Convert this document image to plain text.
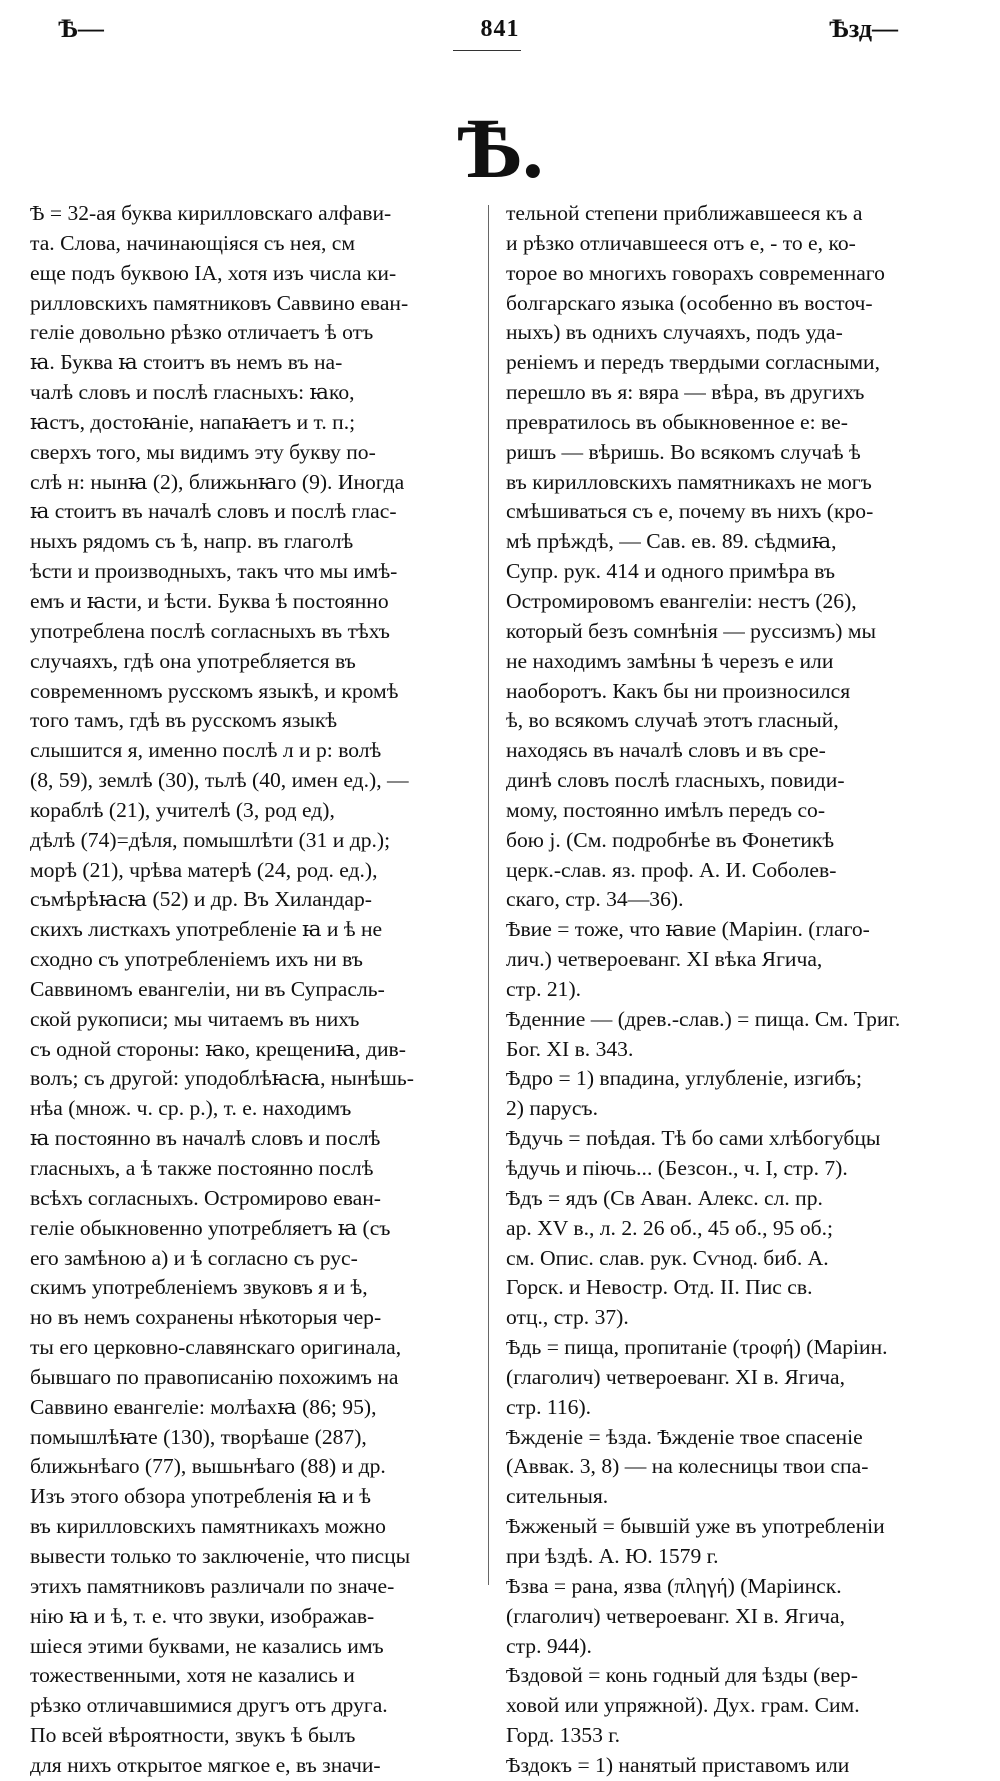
Ѣ—	841	Ѣзд—
Ѣ.
Ѣ = 32-ая буква кирилловскаго алфави-
та. Слова, начинающіяся съ нея, см
еще подъ буквою ІА, хотя изъ числа ки-
рилловскихъ памятниковъ Саввино еван-
геліе довольно рѣзко отличаетъ ѣ отъ
ꙗ. Буква ꙗ стоитъ въ немъ въ на-
чалѣ словъ и послѣ гласныхъ: ꙗко,
ꙗстъ, достоꙗніе, напаꙗетъ и т. п.;
сверхъ того, мы видимъ эту букву по-
слѣ н: нынꙗ (2), ближьнꙗго (9). Иногда
ꙗ стоитъ въ началѣ словъ и послѣ глас-
ныхъ рядомъ съ ѣ, напр. въ глаголѣ
ѣсти и производныхъ, такъ что мы имѣ-
емъ и ꙗсти, и ѣсти. Буква ѣ постоянно
употреблена послѣ согласныхъ въ тѣхъ
случаяхъ, гдѣ она употребляется въ
современномъ русскомъ языкѣ, и кромѣ
того тамъ, гдѣ въ русскомъ языкѣ
слышится я, именно послѣ л и р: волѣ
(8, 59), землѣ (30), тьлѣ (40, имен ед.), —
кораблѣ (21), учителѣ (3, род ед),
дѣлѣ (74)=дѣля, помышлѣти (31 и др.);
морѣ (21), чрѣва матерѣ (24, род. ед.),
съмѣрѣꙗсꙗ (52) и др. Въ Хиландар-
скихъ листкахъ употребленіе ꙗ и ѣ не
сходно съ употребленіемъ ихъ ни въ
Саввиномъ евангеліи, ни въ Супрасль-
ской рукописи; мы читаемъ въ нихъ
съ одной стороны: ꙗко, крещениꙗ, див-
волъ; съ другой: уподоблѣꙗсꙗ, нынѣшь-
нѣа (множ. ч. ср. р.), т. е. находимъ
ꙗ постоянно въ началѣ словъ и послѣ
гласныхъ, а ѣ также постоянно послѣ
всѣхъ согласныхъ. Остромирово еван-
геліе обыкновенно употребляетъ ꙗ (съ
его замѣною а) и ѣ согласно съ рус-
скимъ употребленіемъ звуковъ я и ѣ,
но въ немъ сохранены нѣкоторыя чер-
ты его церковно-славянскаго оригинала,
бывшаго по правописанію похожимъ на
Саввино евангеліе: молѣахꙗ (86; 95),
помышлѣꙗте (130), творѣаше (287),
ближьнѣаго (77), вышьнѣаго (88) и др.
Изъ этого обзора употребленія ꙗ и ѣ
въ кирилловскихъ памятникахъ можно
вывести только то заключеніе, что писцы
этихъ памятниковъ различали по значе-
нію ꙗ и ѣ, т. е. что звуки, изображав-
шіеся этими буквами, не казались имъ
тожественными, хотя не казались и
рѣзко отличавшимися другъ отъ друга.
По всей вѣроятности, звукъ ѣ былъ
для нихъ открытое мягкое е, въ значи-
тельной степени приближавшееся къ а
и рѣзко отличавшееся отъ е, - то е, ко-
торое во многихъ говорахъ современнаго
болгарскаго языка (особенно въ восточ-
ныхъ) въ однихъ случаяхъ, подъ уда-
реніемъ и передъ твердыми согласными,
перешло въ я: вяра — вѣра, въ другихъ
превратилось въ обыкновенное е: ве-
ришъ — вѣришь. Во всякомъ случаѣ ѣ
въ кирилловскихъ памятникахъ не могъ
смѣшиваться съ е, почему въ нихъ (кро-
мѣ прѣждѣ, — Сав. ев. 89. сѣдмиꙗ,
Супр. рук. 414 и одного примѣра въ
Остромировомъ евангеліи: нестъ (26),
который безъ сомнѣнія — руссизмъ) мы
не находимъ замѣны ѣ черезъ е или
наоборотъ. Какъ бы ни произносился
ѣ, во всякомъ случаѣ этотъ гласный,
находясь въ началѣ словъ и въ сре-
динѣ словъ послѣ гласныхъ, повиди-
мому, постоянно имѣлъ передъ со-
бою j. (См. подробнѣе въ Фонетикѣ
церк.-слав. яз. проф. А. И. Соболев-
скаго, стр. 34—36).
Ѣвие = тоже, что ꙗвие (Маріин. (глаго-
лич.) четвероеванг. XI вѣка Ягича,
стр. 21).
Ѣденние — (древ.-слав.) = пища. См. Триг.
Бог. XI в. 343.
Ѣдро = 1) впадина, углубленіе, изгибъ;
2) парусъ.
Ѣдучь = поѣдая. Тѣ бо сами хлѣбогубцы
ѣдучь и піючь... (Безсон., ч. I, стр. 7).
Ѣдъ = ядъ (Св Аван. Алекс. сл. пр.
ар. XV в., л. 2. 26 об., 45 об., 95 об.;
см. Опис. слав. рук. Сѵнод. биб. А.
Горск. и Невостр. Отд. II. Пис св.
отц., стр. 37).
Ѣдь = пища, пропитаніе (τροφή) (Маріин.
(глаголич) четвероеванг. XI в. Ягича,
стр. 116).
Ѣжденіе = ѣзда. Ѣжденіе твое спасеніе
(Аввак. 3, 8) — на колесницы твои спа-
сительныя.
Ѣжженый = бывшій уже въ употребленіи
при ѣздѣ. А. Ю. 1579 г.
Ѣзва = рана, язва (πληγή) (Маріинск.
(глаголич) четвероеванг. XI в. Ягича,
стр. 944).
Ѣздовой = конь годный для ѣзды (вер-
ховой или упряжной). Дух. грам. Сим.
Горд. 1353 г.
Ѣздокъ = 1) нанятый приставомъ или
